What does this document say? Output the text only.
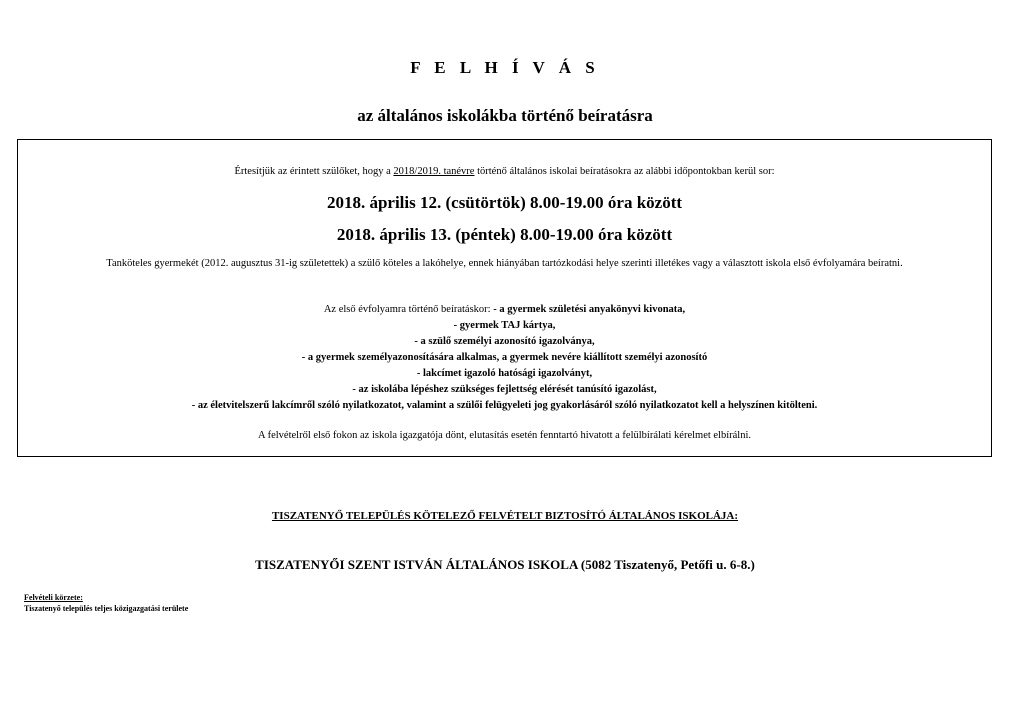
F E L H Í V Á S
az általános iskolákba történő beíratásra
Értesítjük az érintett szülőket, hogy a 2018/2019. tanévre történő általános iskolai beíratásokra az alábbi időpontokban kerül sor:
2018. április 12. (csütörtök) 8.00-19.00 óra között
2018. április 13. (péntek) 8.00-19.00 óra között
Tanköteles gyermekét (2012. augusztus 31-ig születettek) a szülő köteles a lakóhelye, ennek hiányában tartózkodási helye szerinti illetékes vagy a választott iskola első évfolyamára beíratni.
Az első évfolyamra történő beíratáskor: - a gyermek születési anyakönyvi kivonata,
- gyermek TAJ kártya,
- a szülő személyi azonosító igazolványa,
- a gyermek személyazonosítására alkalmas, a gyermek nevére kiállított személyi azonosító
- lakcímet igazoló hatósági igazolványt,
- az iskolába lépéshez szükséges fejlettség elérését tanúsító igazolást,
- az életvitelszerű lakcímről szóló nyilatkozatot, valamint a szülői felügyeleti jog gyakorlásáról szóló nyilatkozatot kell a helyszínen kitölteni.
A felvételről első fokon az iskola igazgatója dönt, elutasítás esetén fenntartó hivatott a felülbírálati kérelmet elbírálni.
TISZATENYŐ TELEPÜLÉS KÖTELEZŐ FELVÉTELT BIZTOSÍTÓ ÁLTALÁNOS ISKOLÁJA:
TISZATENYŐI SZENT ISTVÁN ÁLTALÁNOS ISKOLA (5082 Tiszatenyő, Petőfi u. 6-8.)
Felvételi körzete:
Tiszatenyő település teljes közigazgatási területe
